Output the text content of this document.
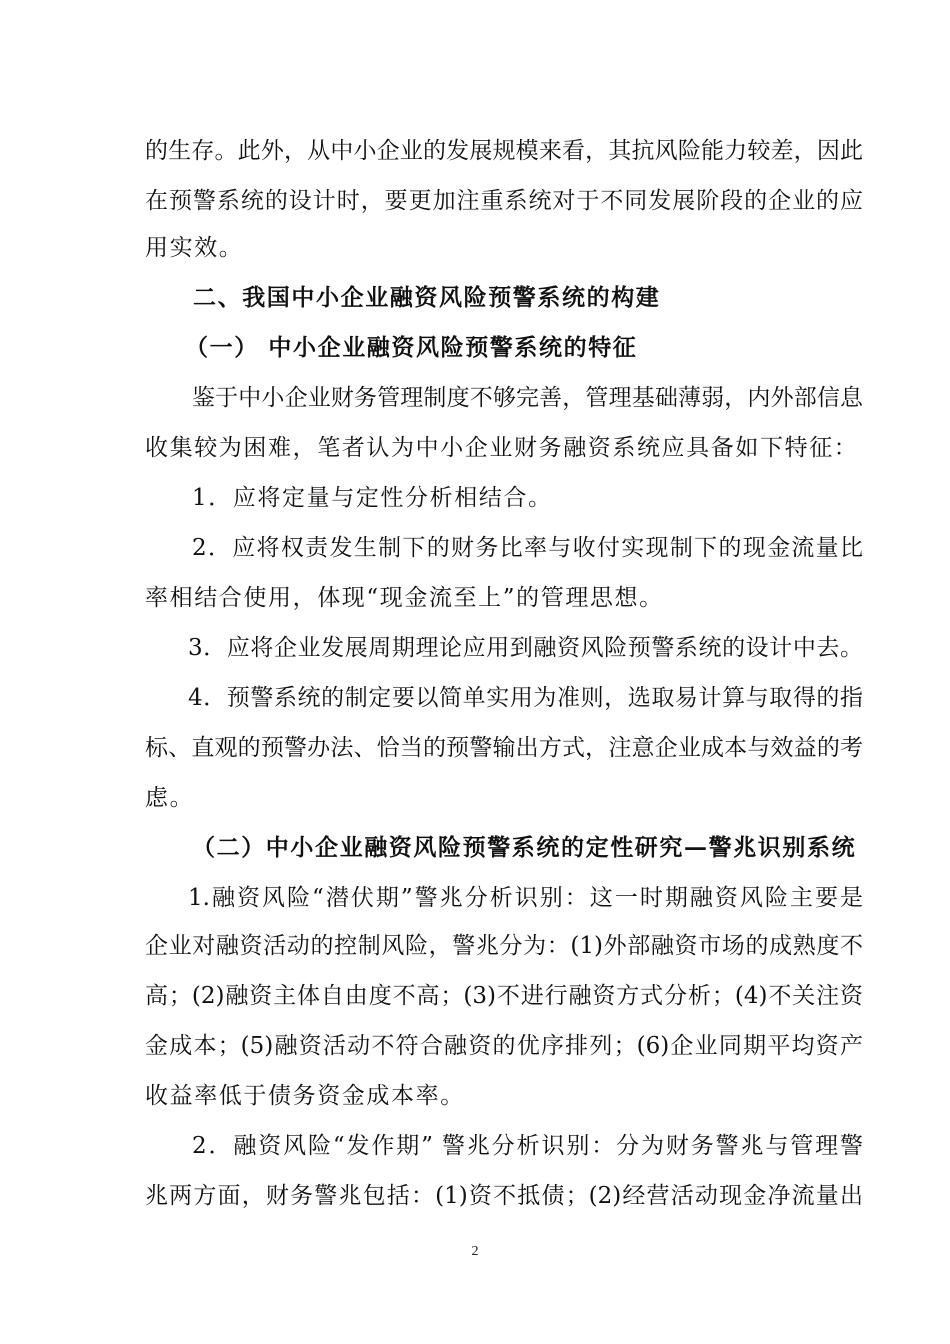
的生存。此外，从中小企业的发展规模来看，其抗风险能力较差，因此
在预警系统的设计时，要更加注重系统对于不同发展阶段的企业的应
用实效。
二、我国中小企业融资风险预警系统的构建
（一） 中小企业融资风险预警系统的特征
鉴于中小企业财务管理制度不够完善，管理基础薄弱，内外部信息
收集较为困难，笔者认为中小企业财务融资系统应具备如下特征：
1．应将定量与定性分析相结合。
2．应将权责发生制下的财务比率与收付实现制下的现金流量比
率相结合使用，体现“现金流至上”的管理思想。
3．应将企业发展周期理论应用到融资风险预警系统的设计中去。
4．预警系统的制定要以简单实用为准则，选取易计算与取得的指
标、直观的预警办法、恰当的预警输出方式，注意企业成本与效益的考
虑。
（二）中小企业融资风险预警系统的定性研究—警兆识别系统
1.融资风险“潜伏期”警兆分析识别：这一时期融资风险主要是
企业对融资活动的控制风险，警兆分为：(1)外部融资市场的成熟度不
高；(2)融资主体自由度不高；(3)不进行融资方式分析；(4)不关注资
金成本；(5)融资活动不符合融资的优序排列；(6)企业同期平均资产
收益率低于债务资金成本率。
2．融资风险“发作期” 警兆分析识别：分为财务警兆与管理警
兆两方面，财务警兆包括：(1)资不抵债；(2)经营活动现金净流量出
2
